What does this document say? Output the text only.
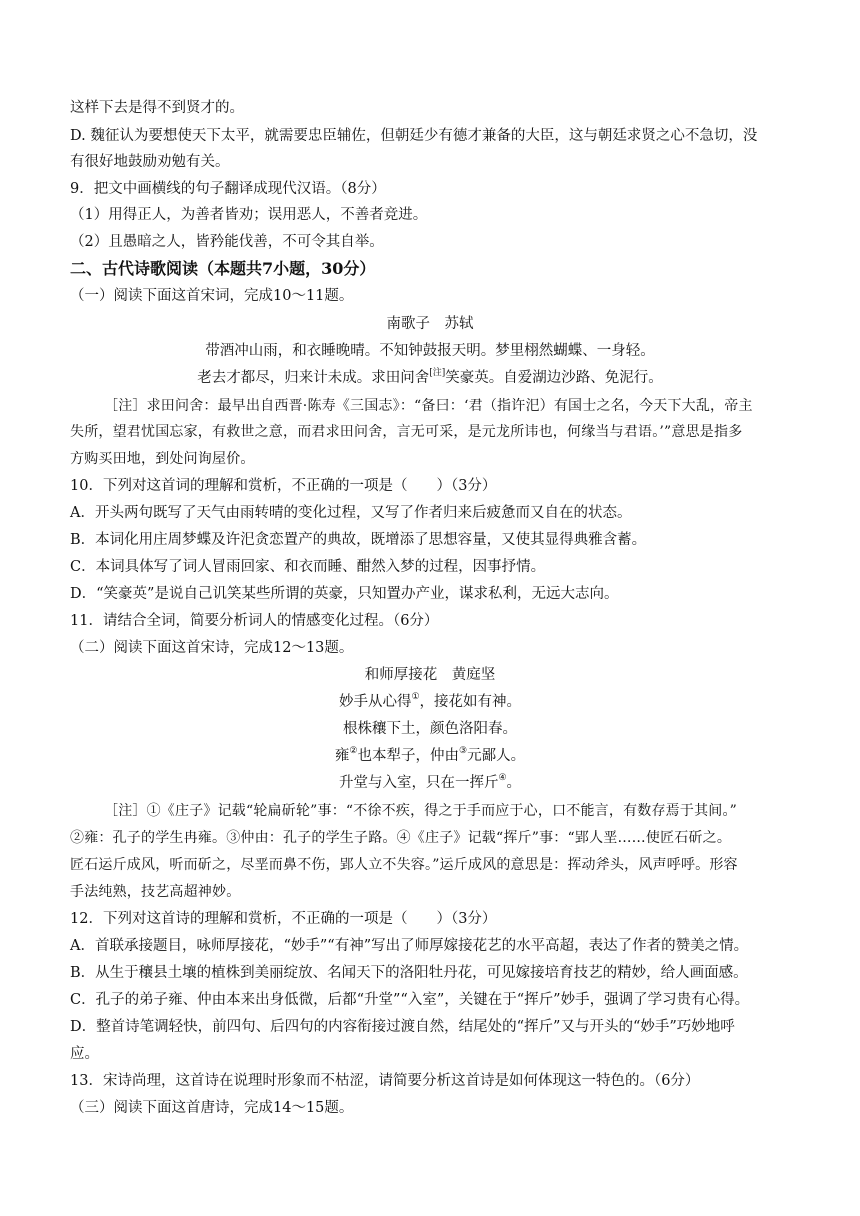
这样下去是得不到贤才的。
D. 魏征认为要想使天下太平，就需要忠臣辅佐，但朝廷少有德才兼备的大臣，这与朝廷求贤之心不急切，没
有很好地鼓励劝勉有关。
9．把文中画横线的句子翻译成现代汉语。（8分）
（1）用得正人，为善者皆劝；误用恶人，不善者竞进。
（2）且愚暗之人，皆矜能伐善，不可令其自举。
二、古代诗歌阅读（本题共7小题，30分）
（一）阅读下面这首宋词，完成10～11题。
南歌子　苏轼
带酒冲山雨，和衣睡晚晴。不知钟鼓报天明。梦里栩然蝴蝶、一身轻。
老去才都尽，归来计未成。求田问舍[注]笑豪英。自爱湖边沙路、免泥行。
［注］求田问舍：最早出自西晋·陈寿《三国志》：“备曰：‘君（指许汜）有国士之名，今天下大乱，帝主
失所，望君忧国忘家，有救世之意，而君求田问舍，言无可采，是元龙所讳也，何缘当与君语。’”意思是指多
方购买田地，到处问询屋价。
10．下列对这首词的理解和赏析，不正确的一项是（　　）（3分）
A．开头两句既写了天气由雨转晴的变化过程，又写了作者归来后疲惫而又自在的状态。
B．本词化用庄周梦蝶及许汜贪恋置产的典故，既增添了思想容量，又使其显得典雅含蓄。
C．本词具体写了词人冒雨回家、和衣而睡、酣然入梦的过程，因事抒情。
D．“笑豪英”是说自己讥笑某些所谓的英豪，只知置办产业，谋求私利，无远大志向。
11．请结合全词，简要分析词人的情感变化过程。（6分）
（二）阅读下面这首宋诗，完成12～13题。
和师厚接花　黄庭坚
妙手从心得①，接花如有神。
根株穰下土，颜色洛阳春。
雍②也本犁子，仲由③元鄙人。
升堂与入室，只在一挥斤④。
［注］①《庄子》记载“轮扁斫轮”事：“不徐不疾，得之于手而应于心，口不能言，有数存焉于其间。”
②雍：孔子的学生冉雍。③仲由：孔子的学生子路。④《庄子》记载“挥斤”事：“郢人垩……使匠石斫之。
匠石运斤成风，听而斫之，尽垩而鼻不伤，郢人立不失容。”运斤成风的意思是：挥动斧头，风声呼呼。形容
手法纯熟，技艺高超神妙。
12．下列对这首诗的理解和赏析，不正确的一项是（　　）（3分）
A．首联承接题目，咏师厚接花，“妙手”“有神”写出了师厚嫁接花艺的水平高超，表达了作者的赞美之情。
B．从生于穰县土壤的植株到美丽绽放、名闻天下的洛阳牡丹花，可见嫁接培育技艺的精妙，给人画面感。
C．孔子的弟子雍、仲由本来出身低微，后都“升堂”“入室”，关键在于“挥斤”妙手，强调了学习贵有心得。
D．整首诗笔调轻快，前四句、后四句的内容衔接过渡自然，结尾处的“挥斤”又与开头的“妙手”巧妙地呼
应。
13．宋诗尚理，这首诗在说理时形象而不枯涩，请简要分析这首诗是如何体现这一特色的。（6分）
（三）阅读下面这首唐诗，完成14～15题。
